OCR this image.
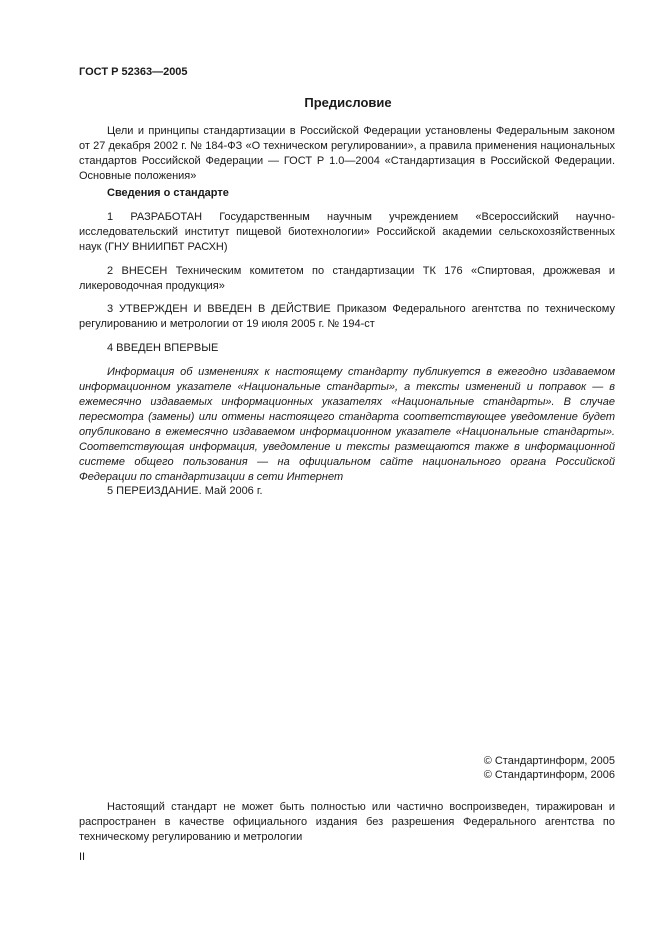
ГОСТ Р 52363—2005
Предисловие
Цели и принципы стандартизации в Российской Федерации установлены Федеральным законом от 27 декабря 2002 г. № 184-ФЗ «О техническом регулировании», а правила применения национальных стандартов Российской Федерации — ГОСТ Р 1.0—2004 «Стандартизация в Российской Федерации. Основные положения»
Сведения о стандарте
1 РАЗРАБОТАН Государственным научным учреждением «Всероссийский научно-исследовательский институт пищевой биотехнологии» Российской академии сельскохозяйственных наук (ГНУ ВНИИПБТ РАСХН)
2 ВНЕСЕН Техническим комитетом по стандартизации ТК 176 «Спиртовая, дрожжевая и ликероводочная продукция»
3 УТВЕРЖДЕН И ВВЕДЕН В ДЕЙСТВИЕ Приказом Федерального агентства по техническому регулированию и метрологии от 19 июля 2005 г. № 194-ст
4 ВВЕДЕН ВПЕРВЫЕ
Информация об изменениях к настоящему стандарту публикуется в ежегодно издаваемом информационном указателе «Национальные стандарты», а тексты изменений и поправок — в ежемесячно издаваемых информационных указателях «Национальные стандарты». В случае пересмотра (замены) или отмены настоящего стандарта соответствующее уведомление будет опубликовано в ежемесячно издаваемом информационном указателе «Национальные стандарты». Соответствующая информация, уведомление и тексты размещаются также в информационной системе общего пользования — на официальном сайте национального органа Российской Федерации по стандартизации в сети Интернет
5 ПЕРЕИЗДАНИЕ. Май 2006 г.
© Стандартинформ, 2005
© Стандартинформ, 2006
Настоящий стандарт не может быть полностью или частично воспроизведен, тиражирован и распространен в качестве официального издания без разрешения Федерального агентства по техническому регулированию и метрологии
II
